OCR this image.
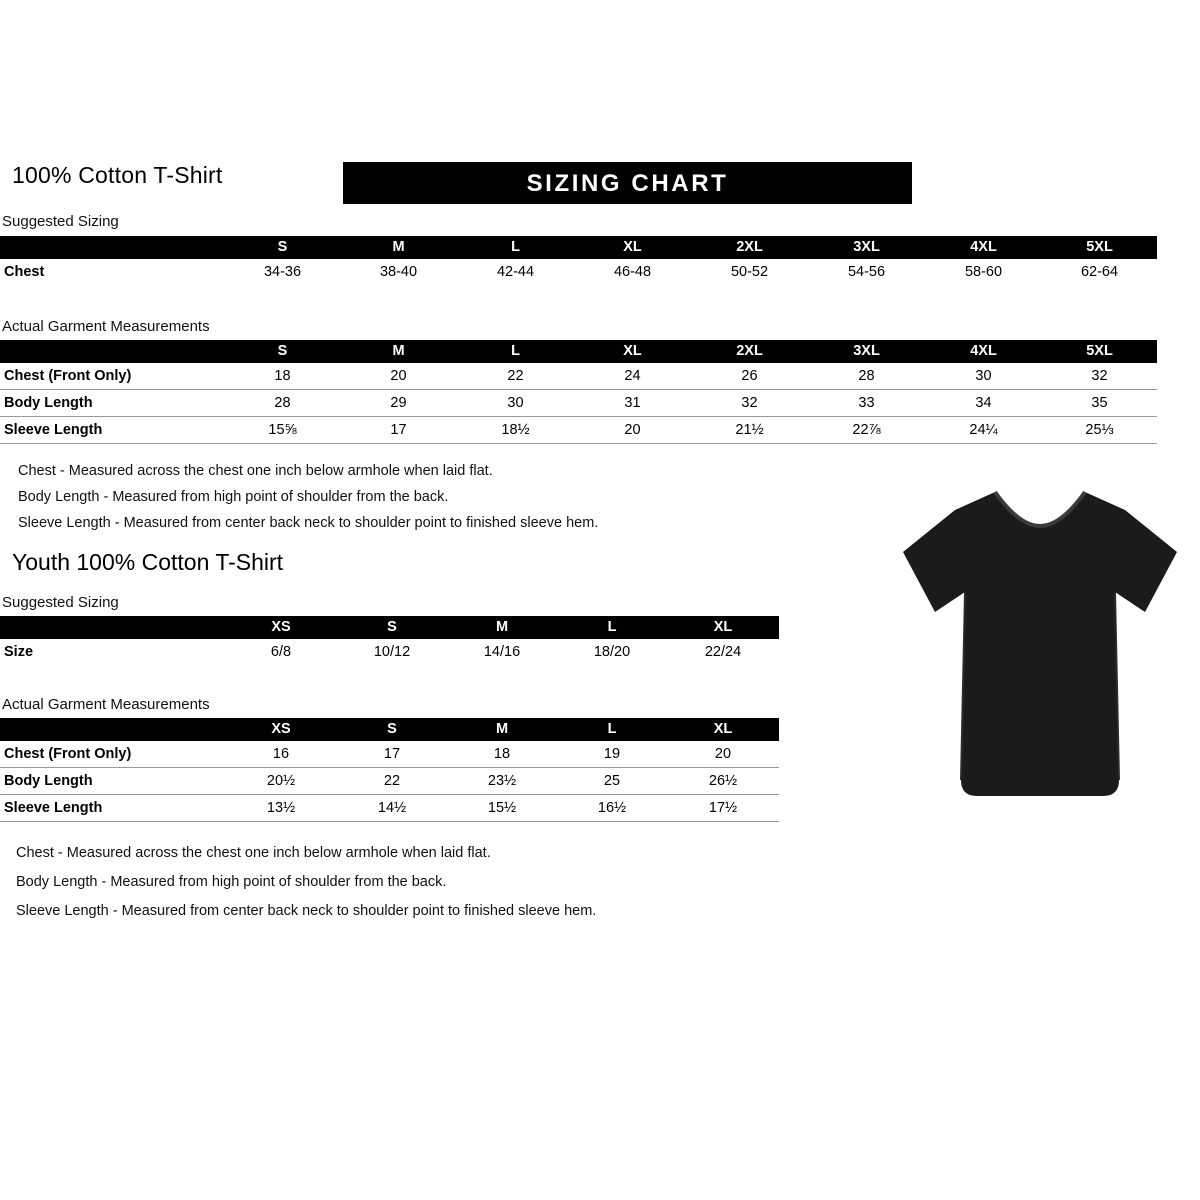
100% Cotton T-Shirt	SIZING CHART
Suggested Sizing
	S	M	L	XL	2XL	3XL	4XL	5XL
Chest	34-36	38-40	42-44	46-48	50-52	54-56	58-60	62-64
Actual Garment Measurements
	S	M	L	XL	2XL	3XL	4XL	5XL
Chest (Front Only)	18	20	22	24	26	28	30	32
Body Length	28	29	30	31	32	33	34	35
Sleeve Length	15⅝	17	18½	20	21½	22⅞	24¼	25⅓
Chest - Measured across the chest one inch below armhole when laid flat.
Body Length - Measured from high point of shoulder from the back.
Sleeve Length - Measured from center back neck to shoulder point to finished sleeve hem.
Youth 100% Cotton T-Shirt
Suggested Sizing
	XS	S	M	L	XL
Size	6/8	10/12	14/16	18/20	22/24
Actual Garment Measurements
	XS	S	M	L	XL
Chest (Front Only)	16	17	18	19	20
Body Length	20½	22	23½	25	26½
Sleeve Length	13½	14½	15½	16½	17½
Chest - Measured across the chest one inch below armhole when laid flat.
Body Length - Measured from high point of shoulder from the back.
Sleeve Length - Measured from center back neck to shoulder point to finished sleeve hem.
